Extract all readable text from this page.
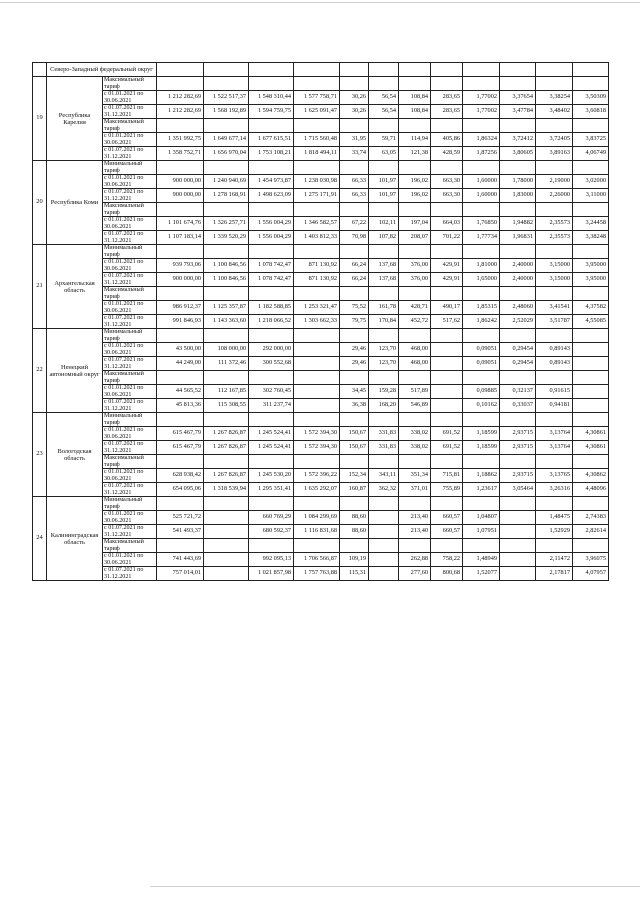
	Северо-Западный федеральный округ													
19	Республика Карелия	Максимальный тариф												
		с 01.01.2021 по 30.06.2021	1 212 282,69	1 522 517,37	1 548 310,44	1 577 758,71	30,26	56,54	108,84	283,65	1,77002	3,37654	3,38254	3,50309
		с 01.07.2021 по 31.12.2021	1 212 282,69	1 568 192,89	1 594 759,75	1 625 091,47	30,26	56,54	108,84	283,65	1,77002	3,47784	3,48402	3,60818
		Максимальный тариф												
		с 01.01.2021 по 30.06.2021	1 351 992,75	1 649 677,14	1 677 615,51	1 715 560,48	31,95	59,71	114,94	405,86	1,86324	3,72412	3,72405	3,83725
		с 01.07.2021 по 31.12.2021	1 358 752,71	1 656 970,04	1 753 108,21	1 818 494,11	33,74	63,05	121,38	428,59	1,87256	3,80605	3,89163	4,06749
20	Республика Коми	Минимальный тариф												
		с 01.01.2021 по 30.06.2021	900 000,00	1 240 940,69	1 454 973,87	1 238 030,98	66,33	101,97	196,02	663,30	1,60000	1,78000	2,19000	3,02000
		с 01.07.2021 по 31.12.2021	900 000,00	1 278 168,91	1 498 623,09	1 275 171,91	66,33	101,97	196,02	663,30	1,60000	1,83000	2,26000	3,11000
		Максимальный тариф												
		с 01.01.2021 по 30.06.2021	1 101 674,76	1 326 257,71	1 556 004,29	1 346 582,57	67,22	102,11	197,04	664,03	1,76850	1,94882	2,35573	3,24458
		с 01.07.2021 по 31.12.2021	1 107 183,14	1 339 520,29	1 556 004,29	1 403 812,33	70,98	107,82	208,07	701,22	1,77734	1,96831	2,35573	3,38248
21	Архангельская область	Минимальный тариф												
		с 01.01.2021 по 30.06.2021	939 793,06	1 100 846,56	1 078 742,47	871 130,92	66,24	137,68	376,00	429,91	1,81000	2,40000	3,15000	3,95000
		с 01.07.2021 по 31.12.2021	900 000,00	1 100 846,56	1 078 742,47	871 130,92	66,24	137,68	376,00	429,91	1,65000	2,40000	3,15000	3,95000
		Максимальный тариф												
		с 01.01.2021 по 30.06.2021	986 912,37	1 125 357,87	1 182 588,85	1 253 321,47	75,52	161,78	428,71	490,17	1,85315	2,48060	3,41541	4,37582
		с 01.07.2021 по 31.12.2021	991 846,93	1 143 363,60	1 218 066,52	1 303 662,33	79,75	170,84	452,72	517,62	1,86242	2,52029	3,51787	4,55085
22	Ненецкий автономный округ	Минимальный тариф												
		с 01.01.2021 по 30.06.2021	43 500,00	108 000,00	292 000,00		29,46	123,70	468,00		0,09051	0,29454	0,89143	
		с 01.07.2021 по 31.12.2021	44 249,00	111 372,46	300 552,68		29,46	123,70	468,00		0,09051	0,29454	0,89143	
		Максимальный тариф												
		с 01.01.2021 по 30.06.2021	44 565,52	112 167,85	302 760,45		34,45	159,28	517,89		0,09885	0,32137	0,91615	
		с 01.07.2021 по 31.12.2021	45 813,36	115 308,55	311 237,74		36,38	168,20	546,89		0,10162	0,33037	0,94181	
23	Вологодская область	Минимальный тариф												
		с 01.01.2021 по 30.06.2021	615 467,79	1 267 826,87	1 245 524,41	1 572 394,30	150,67	331,83	338,02	691,52	1,18599	2,93715	3,13764	4,30861
		с 01.07.2021 по 31.12.2021	615 467,79	1 267 826,87	1 245 524,41	1 572 394,30	150,67	331,83	338,02	691,52	1,18599	2,93715	3,13764	4,30861
		Максимальный тариф												
		с 01.01.2021 по 30.06.2021	628 938,42	1 267 826,87	1 245 530,20	1 572 396,22	152,34	343,11	351,34	715,81	1,18862	2,93715	3,13765	4,30862
		с 01.07.2021 по 31.12.2021	654 095,06	1 318 539,94	1 295 351,41	1 635 292,07	160,87	362,32	371,01	755,89	1,23617	3,05464	3,26316	4,48096
24	Калининградская область	Минимальный тариф												
		с 01.01.2021 по 30.06.2021	525 721,72		660 769,29	1 084 299,69	88,60		213,40	660,57	1,04807		1,48475	2,74383
		с 01.07.2021 по 31.12.2021	541 493,37		680 592,37	1 116 831,68	88,60		213,40	660,57	1,07951		1,52929	2,82614
		Максимальный тариф												
		с 01.01.2021 по 30.06.2021	741 443,69		992 095,13	1 706 566,87	109,19		262,88	758,22	1,48949		2,11472	3,96075
		с 01.07.2021 по 31.12.2021	757 014,01		1 021 857,98	1 757 763,88	115,31		277,60	800,68	1,52077		2,17817	4,07957
